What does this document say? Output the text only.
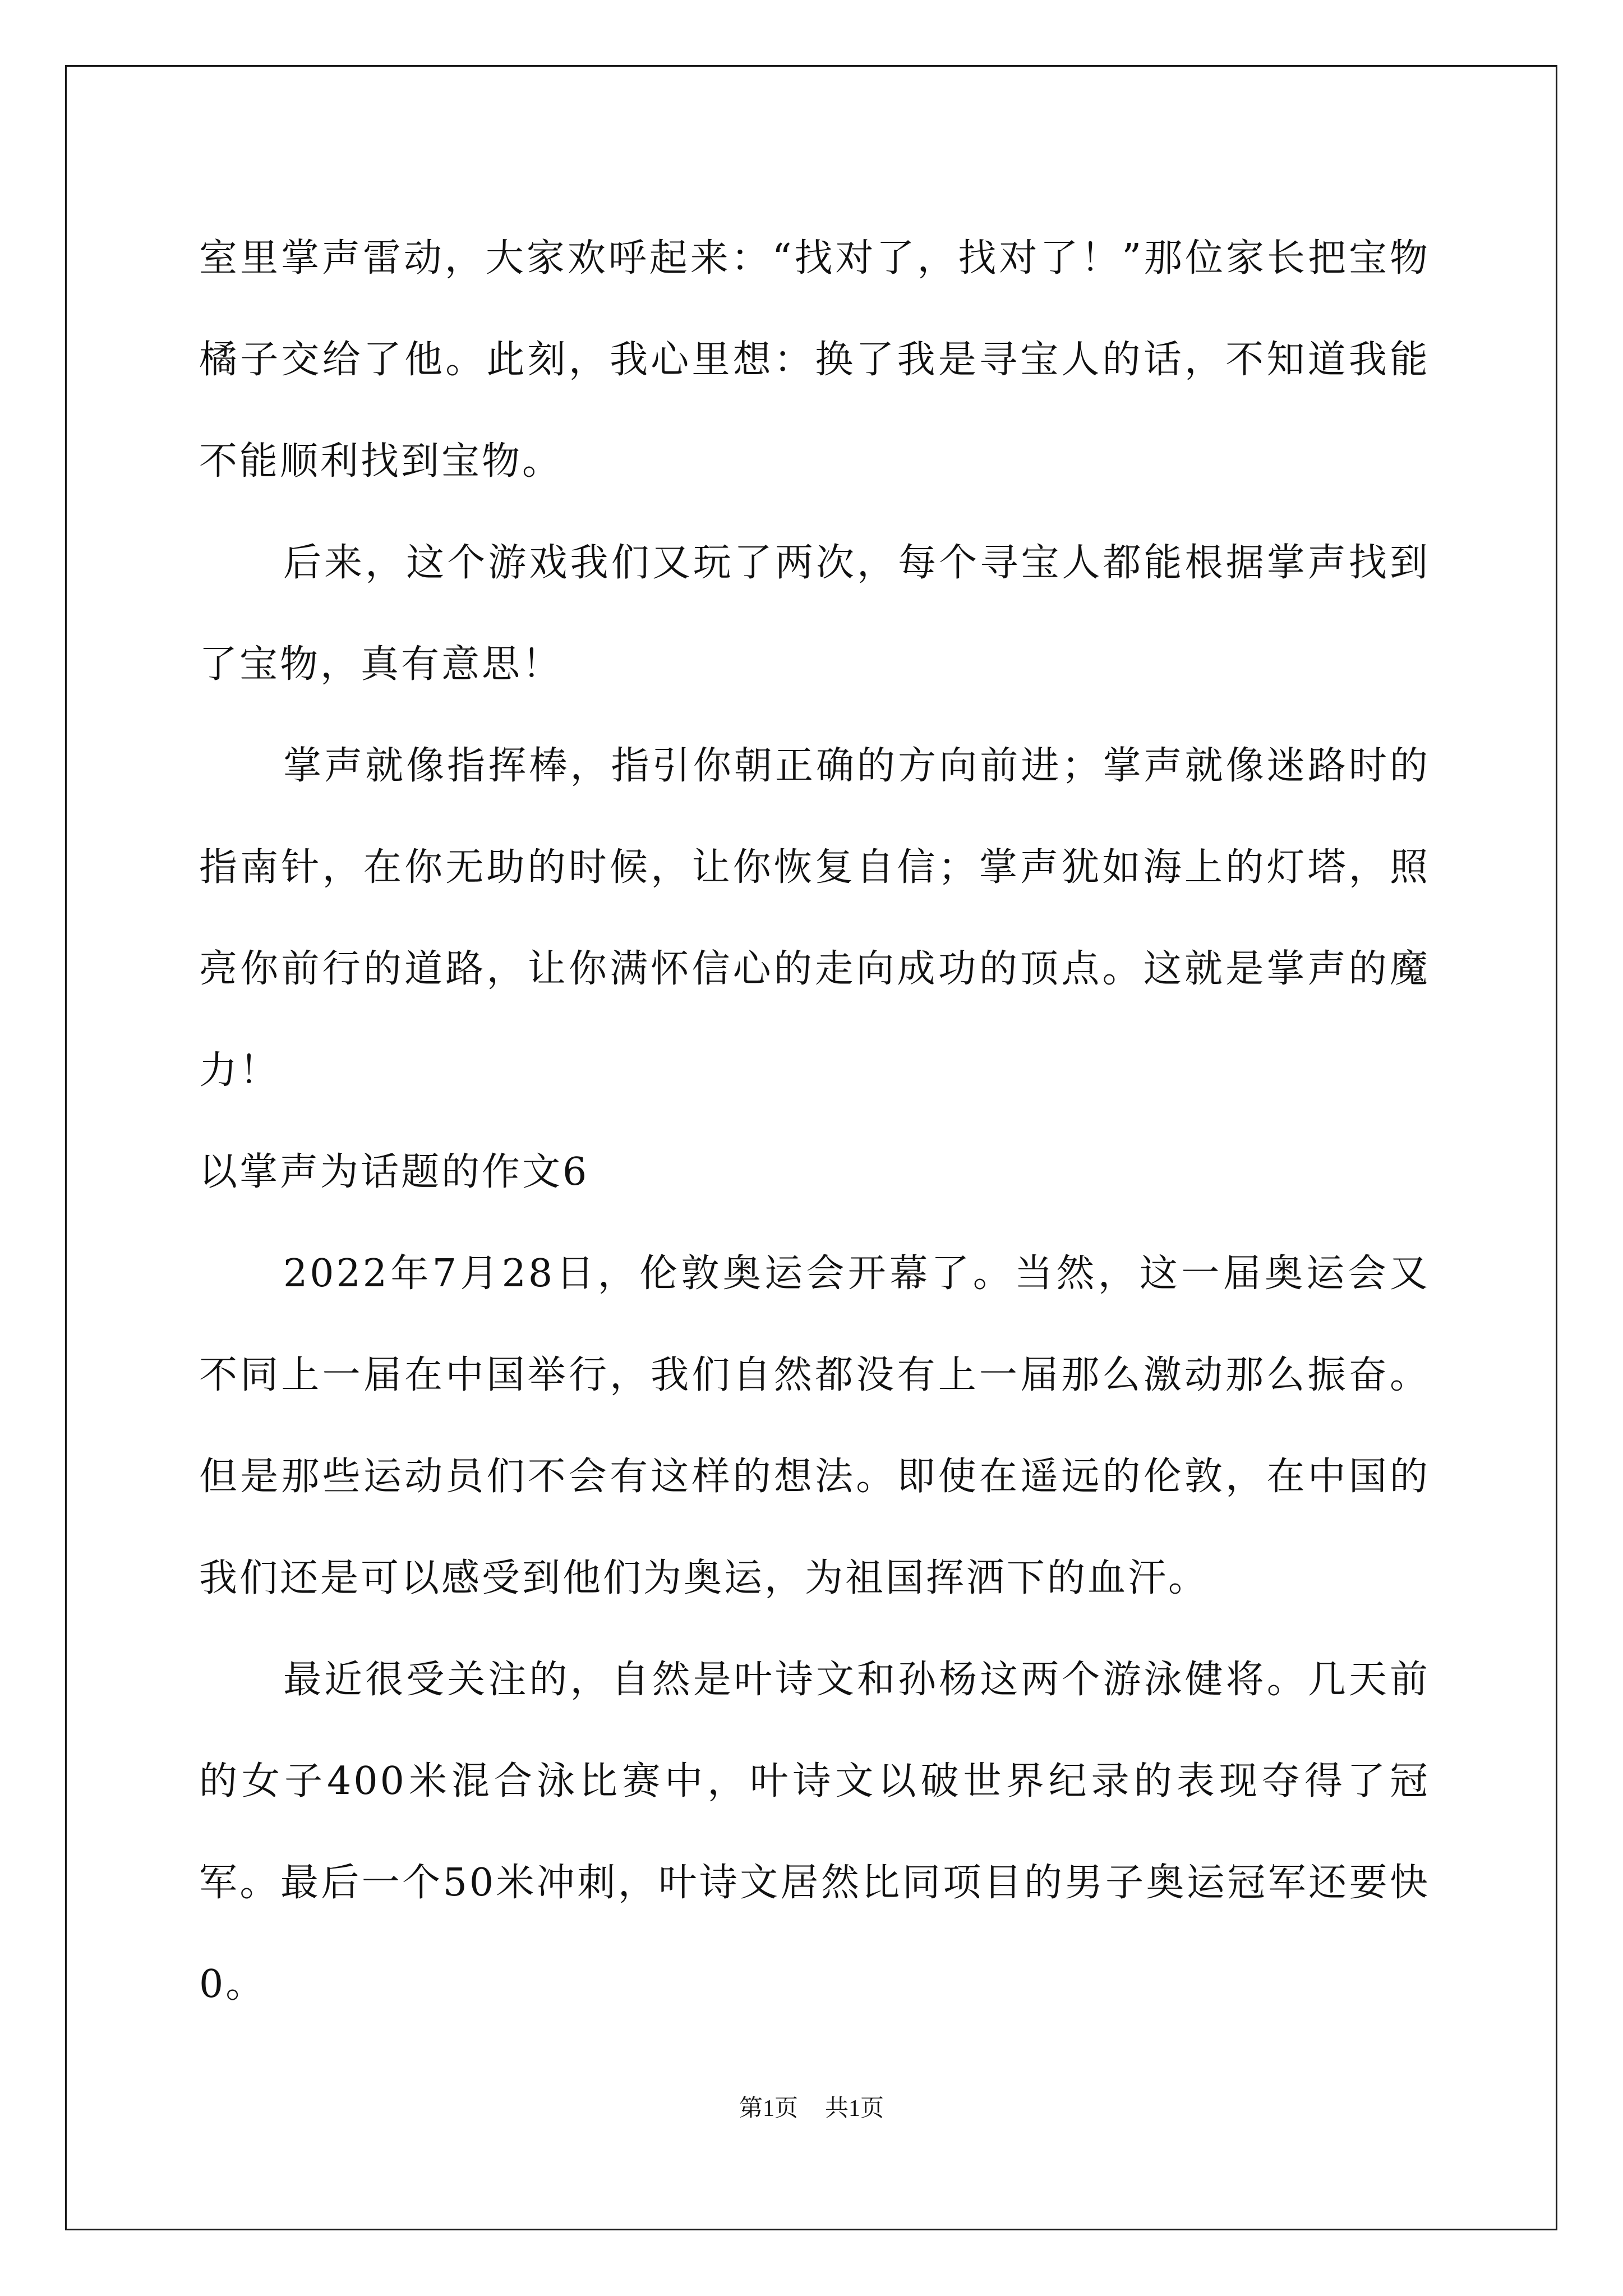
室里掌声雷动，大家欢呼起来：“找对了，找对了！”那位家长把宝物橘子交给了他。此刻，我心里想：换了我是寻宝人的话，不知道我能不能顺利找到宝物。

后来，这个游戏我们又玩了两次，每个寻宝人都能根据掌声找到了宝物，真有意思！

掌声就像指挥棒，指引你朝正确的方向前进；掌声就像迷路时的指南针，在你无助的时候，让你恢复自信；掌声犹如海上的灯塔，照亮你前行的道路，让你满怀信心的走向成功的顶点。这就是掌声的魔力！

以掌声为话题的作文6

2022年7月28日，伦敦奥运会开幕了。当然，这一届奥运会又不同上一届在中国举行，我们自然都没有上一届那么激动那么振奋。但是那些运动员们不会有这样的想法。即使在遥远的伦敦，在中国的我们还是可以感受到他们为奥运，为祖国挥洒下的血汗。

最近很受关注的，自然是叶诗文和孙杨这两个游泳健将。几天前的女子400米混合泳比赛中，叶诗文以破世界纪录的表现夺得了冠军。最后一个50米冲刺，叶诗文居然比同项目的男子奥运冠军还要快0。

第1页 共1页
